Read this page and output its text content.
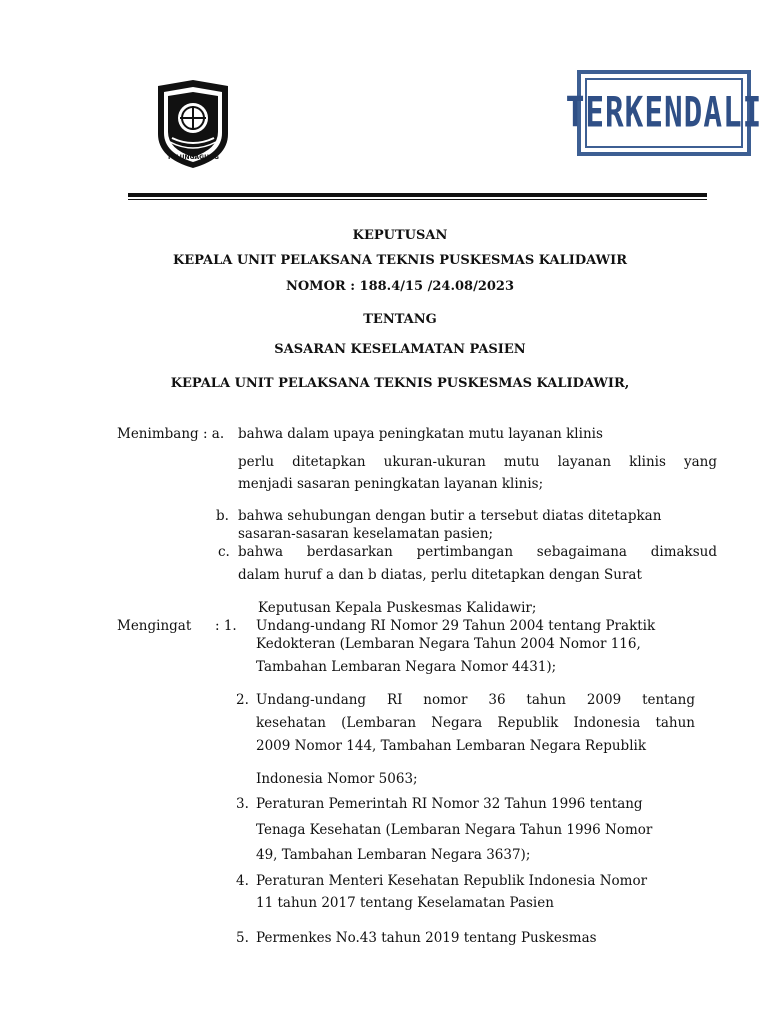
TULUNGAGUNG
TERKENDALI
KEPUTUSAN
KEPALA UNIT PELAKSANA TEKNIS PUSKESMAS KALIDAWIR
NOMOR : 188.4/15 /24.08/2023
TENTANG
SASARAN KESELAMATAN PASIEN
KEPALA UNIT PELAKSANA TEKNIS PUSKESMAS KALIDAWIR,
Menimbang : a. bahwa dalam upaya peningkatan mutu layanan klinis
perlu ditetapkan ukuran-ukuran mutu layanan klinis yang
menjadi sasaran peningkatan layanan klinis;
b. bahwa sehubungan dengan butir a tersebut diatas ditetapkan
sasaran-sasaran keselamatan pasien;
c. bahwa berdasarkan pertimbangan sebagaimana dimaksud
dalam huruf a dan b diatas, perlu ditetapkan dengan Surat
Keputusan Kepala Puskesmas Kalidawir;
Mengingat : 1. Undang-undang RI Nomor 29 Tahun 2004 tentang Praktik
Kedokteran (Lembaran Negara Tahun 2004 Nomor 116,
Tambahan Lembaran Negara Nomor 4431);
2. Undang-undang RI nomor 36 tahun 2009 tentang
kesehatan (Lembaran Negara Republik Indonesia tahun
2009 Nomor 144, Tambahan Lembaran Negara Republik
Indonesia Nomor 5063;
3. Peraturan Pemerintah RI Nomor 32 Tahun 1996 tentang
Tenaga Kesehatan (Lembaran Negara Tahun 1996 Nomor
49, Tambahan Lembaran Negara 3637);
4. Peraturan Menteri Kesehatan Republik Indonesia Nomor
11 tahun 2017 tentang Keselamatan Pasien
5. Permenkes No.43 tahun 2019 tentang Puskesmas
